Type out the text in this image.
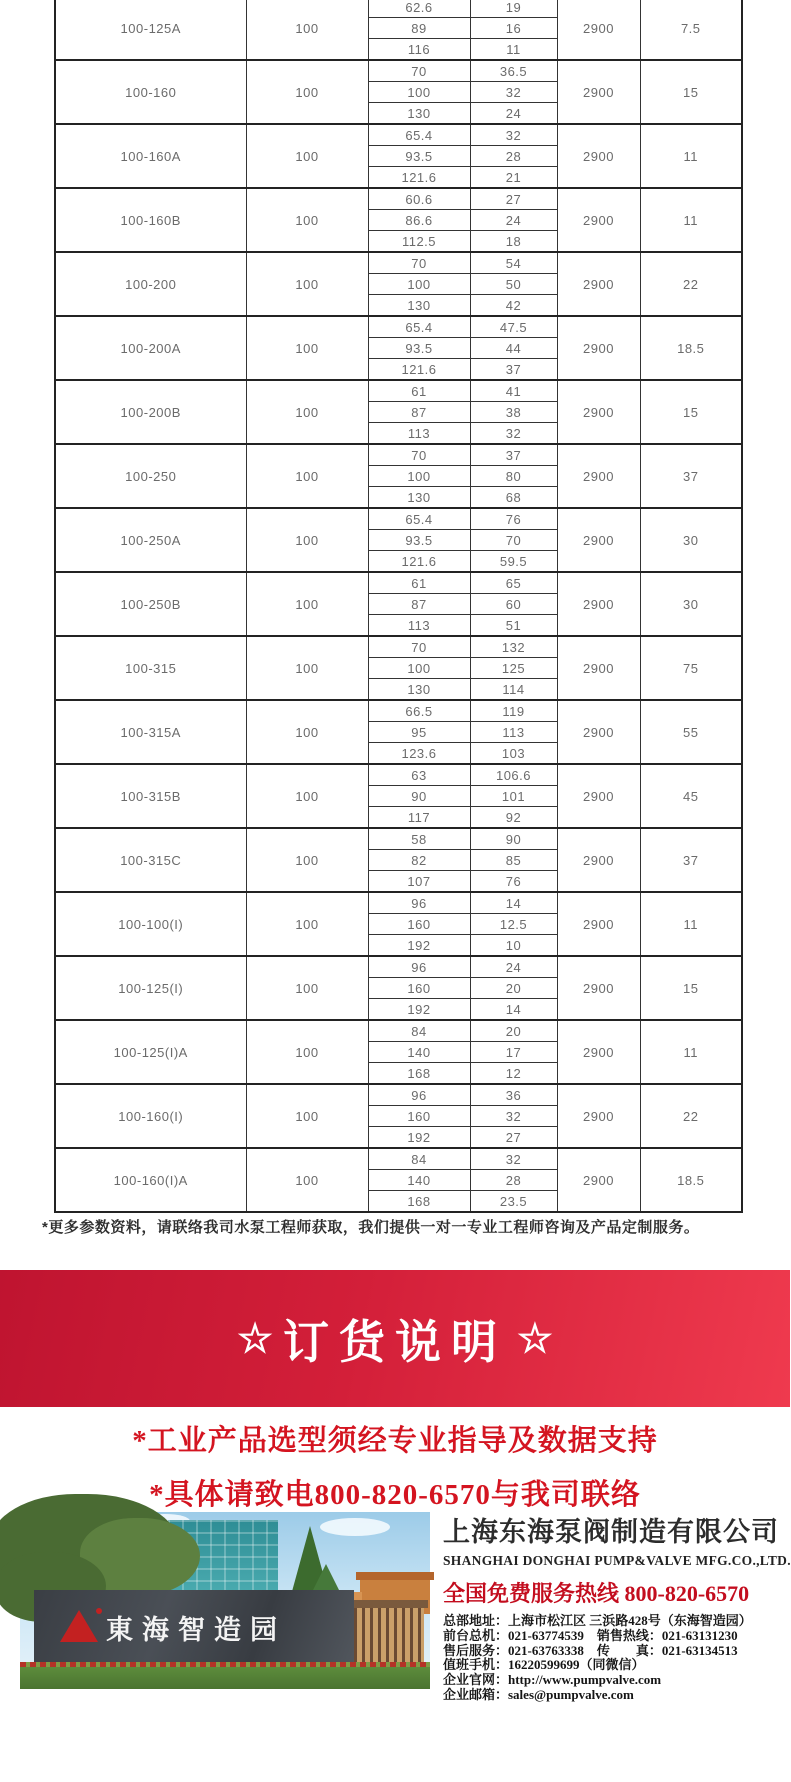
100-125A	100	62.6	19	2900	7.5
		89	16		
		116	11		
100-160	100	70	36.5	2900	15
		100	32		
		130	24		
100-160A	100	65.4	32	2900	11
		93.5	28		
		121.6	21		
100-160B	100	60.6	27	2900	11
		86.6	24		
		112.5	18		
100-200	100	70	54	2900	22
		100	50		
		130	42		
100-200A	100	65.4	47.5	2900	18.5
		93.5	44		
		121.6	37		
100-200B	100	61	41	2900	15
		87	38		
		113	32		
100-250	100	70	37	2900	37
		100	80		
		130	68		
100-250A	100	65.4	76	2900	30
		93.5	70		
		121.6	59.5		
100-250B	100	61	65	2900	30
		87	60		
		113	51		
100-315	100	70	132	2900	75
		100	125		
		130	114		
100-315A	100	66.5	119	2900	55
		95	113		
		123.6	103		
100-315B	100	63	106.6	2900	45
		90	101		
		117	92		
100-315C	100	58	90	2900	37
		82	85		
		107	76		
100-100(I)	100	96	14	2900	11
		160	12.5		
		192	10		
100-125(I)	100	96	24	2900	15
		160	20		
		192	14		
100-125(I)A	100	84	20	2900	11
		140	17		
		168	12		
100-160(I)	100	96	36	2900	22
		160	32		
		192	27		
100-160(I)A	100	84	32	2900	18.5
		140	28		
		168	23.5		
*更多参数资料，请联络我司水泵工程师获取，我们提供一对一专业工程师咨询及产品定制服务。
☆ 订货说明 ☆
*工业产品选型须经专业指导及数据支持
*具体请致电800-820-6570与我司联络
東海智造园
上海东海泵阀制造有限公司
SHANGHAI DONGHAI PUMP&VALVE MFG.CO.,LTD.
全国免费服务热线 800-820-6570
总部地址：上海市松江区 三浜路428号（东海智造园）
前台总机：021-63774539　销售热线：021-63131230
售后服务：021-63763338　传　　真：021-63134513
值班手机：16220599699（同微信）
企业官网：http://www.pumpvalve.com
企业邮箱：sales@pumpvalve.com
